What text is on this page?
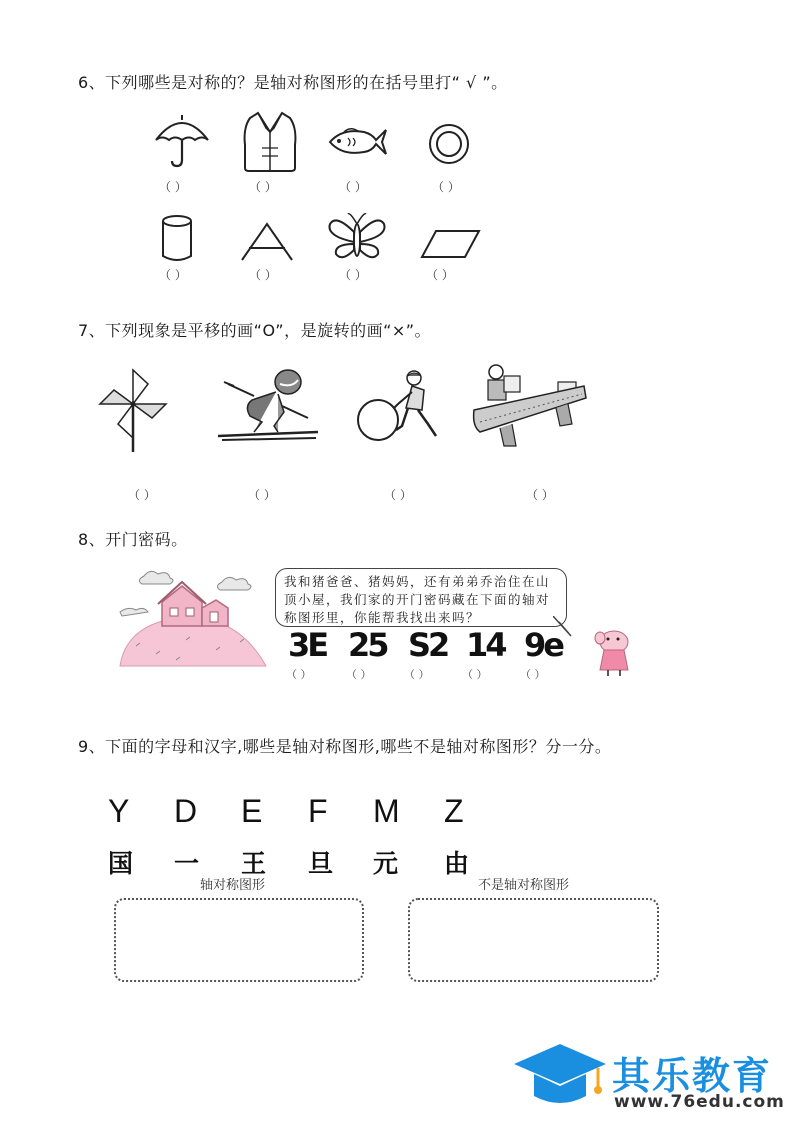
6、下列哪些是对称的？是轴对称图形的在括号里打“ √ ”。
（ ）	（ ）	（ ）	（ ）
（ ）	（ ）	（ ）	（ ）
7、下列现象是平移的画“O”，是旋转的画“×”。
（ ）	（ ）	（ ）	（ ）
8、开门密码。
我和猪爸爸、猪妈妈，还有弟弟乔治住在山顶小屋，我们家的开门密码藏在下面的轴对称图形里，你能帮我找出来吗？
3E 25 S2 14 9e
（ ）	（ ）	（ ）	（ ）	（ ）
9、下面的字母和汉字,哪些是轴对称图形,哪些不是轴对称图形？分一分。
Y D E F M Z
国 一 王 旦 元 由
轴对称图形	不是轴对称图形
其乐教育
www.76edu.com
